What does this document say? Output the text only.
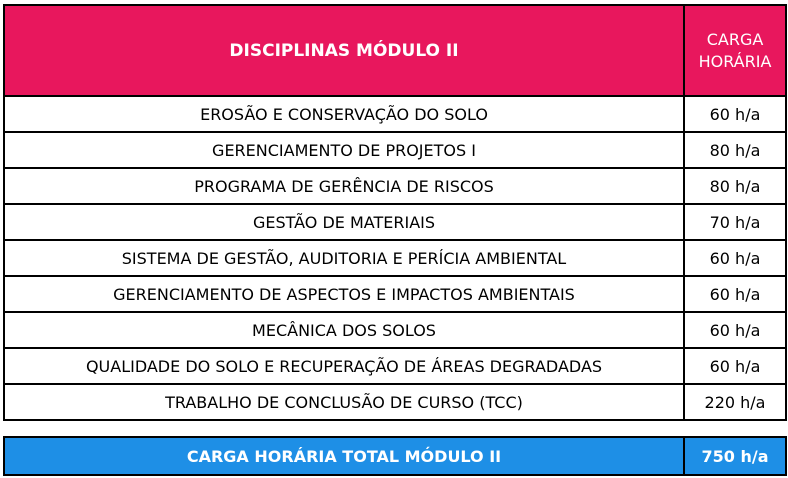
DISCIPLINAS MÓDULO II	CARGA
HORÁRIA

EROSÃO E CONSERVAÇÃO DO SOLO	60 h/a
GERENCIAMENTO DE PROJETOS I	80 h/a
PROGRAMA DE GERÊNCIA DE RISCOS	80 h/a
GESTÃO DE MATERIAIS	70 h/a
SISTEMA DE GESTÃO, AUDITORIA E PERÍCIA AMBIENTAL	60 h/a
GERENCIAMENTO DE ASPECTOS E IMPACTOS AMBIENTAIS	60 h/a
MECÂNICA DOS SOLOS	60 h/a
QUALIDADE DO SOLO E RECUPERAÇÃO DE ÁREAS DEGRADADAS	60 h/a
TRABALHO DE CONCLUSÃO DE CURSO (TCC)	220 h/a
CARGA HORÁRIA TOTAL MÓDULO II	750 h/a
